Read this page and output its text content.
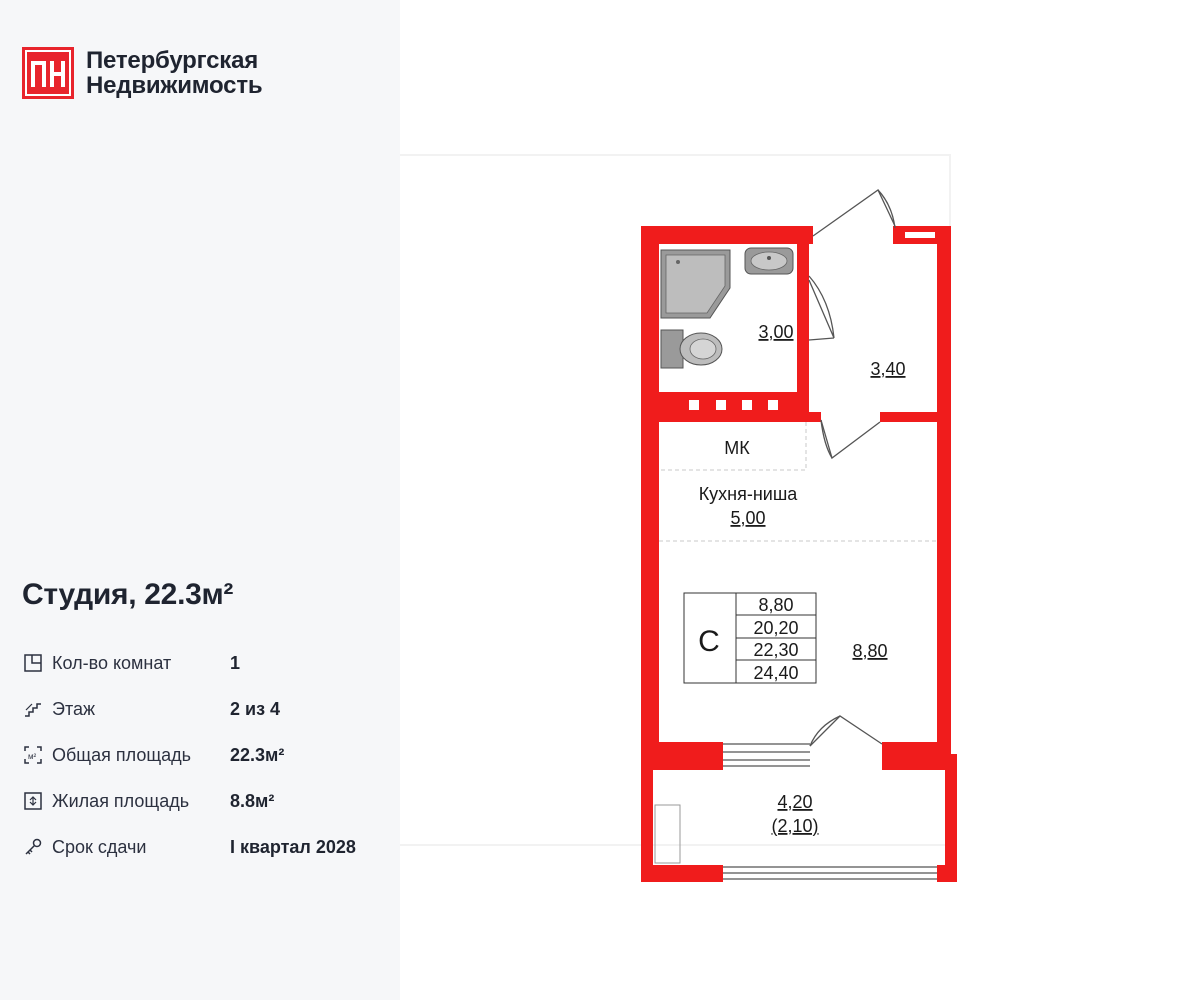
Петербургская
Недвижимость
Студия, 22.3м²
Кол-во комнат	1
Этаж	2 из 4
м² Общая площадь	22.3м²
Жилая площадь	8.8м²
Срок сдачи	I квартал 2028
3,00
3,40
МК
Кухня-ниша
5,00
8,80
4,20
(2,10)
С
8,80
20,20
22,30
24,40
